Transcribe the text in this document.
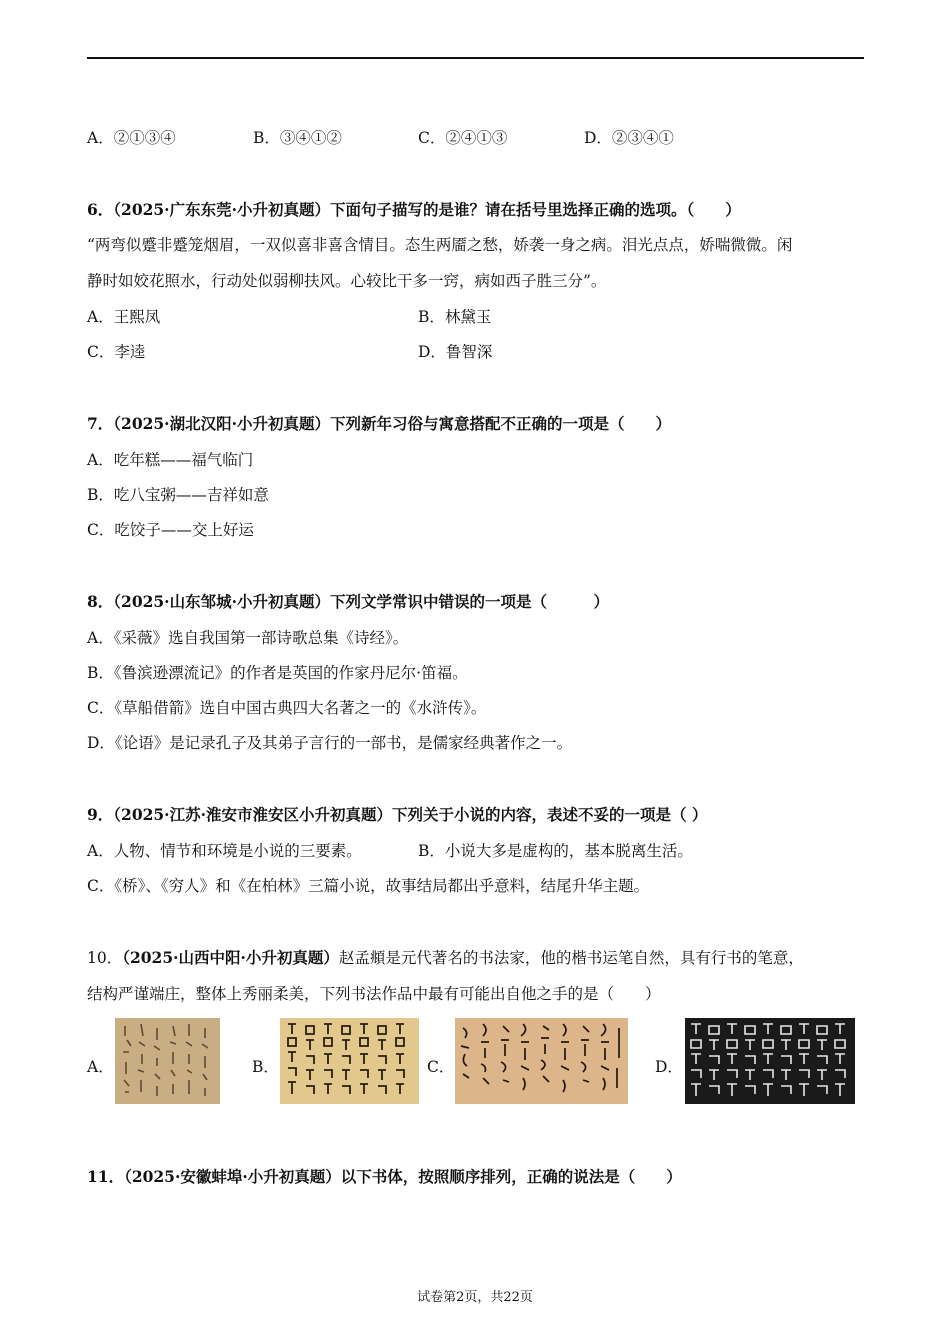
A．②①③④	B．③④①②	C．②④①③	D．②③④①
6．（2025·广东东莞·小升初真题）下面句子描写的是谁？请在括号里选择正确的选项。（　　）
“两弯似蹙非蹙笼烟眉，一双似喜非喜含情目。态生两靥之愁，娇袭一身之病。泪光点点，娇喘微微。闲
静时如姣花照水，行动处似弱柳扶风。心较比干多一窍，病如西子胜三分”。
A．王熙凤	B．林黛玉
C．李逵	D．鲁智深
7．（2025·湖北汉阳·小升初真题）下列新年习俗与寓意搭配不正确的一项是（　　）
A．吃年糕——福气临门
B．吃八宝粥——吉祥如意
C．吃饺子——交上好运
8．（2025·山东邹城·小升初真题）下列文学常识中错误的一项是（　　　）
A．《采薇》选自我国第一部诗歌总集《诗经》。
B．《鲁滨逊漂流记》的作者是英国的作家丹尼尔·笛福。
C．《草船借箭》选自中国古典四大名著之一的《水浒传》。
D．《论语》是记录孔子及其弟子言行的一部书，是儒家经典著作之一。
9．（2025·江苏·淮安市淮安区小升初真题）下列关于小说的内容，表述不妥的一项是（ ）
A．人物、情节和环境是小说的三要素。	B．小说大多是虚构的，基本脱离生活。
C．《桥》、《穷人》和《在柏林》三篇小说，故事结局都出乎意料，结尾升华主题。
10．（2025·山西中阳·小升初真题）赵孟頫是元代著名的书法家，他的楷书运笔自然，具有行书的笔意，
结构严谨端庄，整体上秀丽柔美，下列书法作品中最有可能出自他之手的是（　　）
A．	B．	C．	D．
11．（2025·安徽蚌埠·小升初真题）以下书体，按照顺序排列，正确的说法是（　　）
试卷第2页，共22页
